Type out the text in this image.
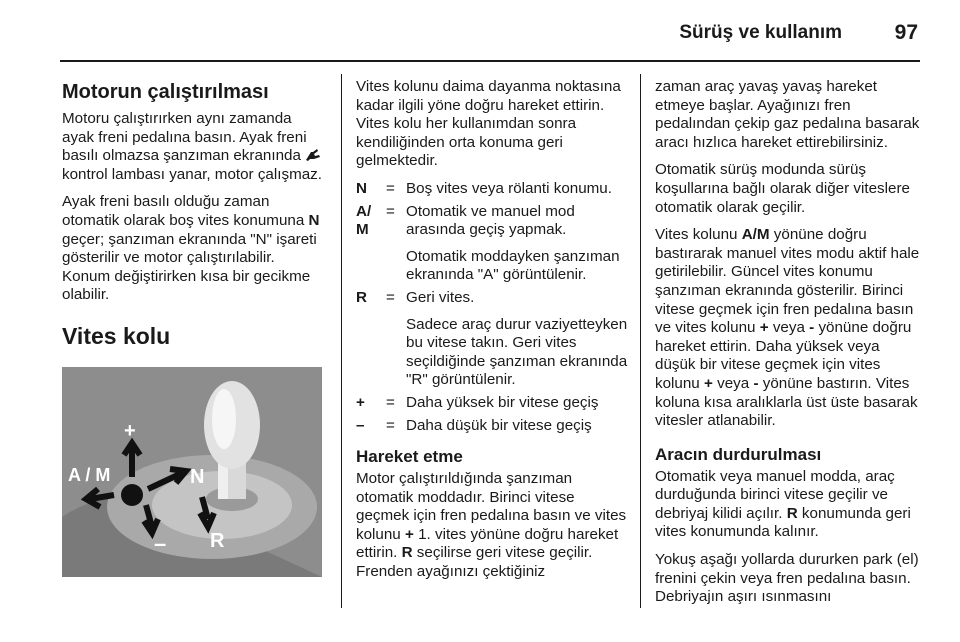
Sürüş ve kullanım	97
Motorun çalıştırılması

Motoru çalıştırırken aynı zamanda ayak freni pedalına basın. Ayak freni basılı olmazsa şanzıman ekranında  kontrol lambası yanar, motor çalışmaz.

Ayak freni basılı olduğu zaman otomatik olarak boş vites konumuna N geçer; şanzıman ekranında "N" işareti gösterilir ve motor çalıştırılabilir. Konum değiştirirken kısa bir gecikme olabilir.

Vites kolu
+
A / M	N
– R

Vites kolunu daima dayanma noktasına kadar ilgili yöne doğru hareket ettirin. Vites kolu her kullanımdan sonra kendiliğinden orta konuma geri gelmektedir.

N	= Boş vites veya rölanti konumu.
A/
M
= Otomatik ve manuel mod arasında geçiş yapmak.
Otomatik moddayken şanzıman ekranında "A" görüntülenir.
R	= Geri vites.
Sadece araç durur vaziyetteyken bu vitese takın. Geri vites seçildiğinde şanzıman ekranında "R" görüntülenir.
+	= Daha yüksek bir vitese geçiş
–	= Daha düşük bir vitese geçiş
Hareket etme

Motor çalıştırıldığında şanzıman otomatik moddadır. Birinci vitese geçmek için fren pedalına basın ve vites kolunu + 1. vites yönüne doğru hareket ettirin. R seçilirse geri vitese geçilir. Frenden ayağınızı çektiğiniz

zaman araç yavaş yavaş hareket etmeye başlar. Ayağınızı fren pedalından çekip gaz pedalına basarak aracı hızlıca hareket ettirebilirsiniz.

Otomatik sürüş modunda sürüş koşullarına bağlı olarak diğer viteslere otomatik olarak geçilir.

Vites kolunu A/M yönüne doğru bastırarak manuel vites modu aktif hale getirilebilir. Güncel vites konumu şanzıman ekranında gösterilir. Birinci vitese geçmek için fren pedalına basın ve vites kolunu + veya - yönüne doğru hareket ettirin. Daha yüksek veya düşük bir vitese geçmek için vites kolunu + veya - yönüne bastırın. Vites koluna kısa aralıklarla üst üste basarak vitesler atlanabilir.

Aracın durdurulması

Otomatik veya manuel modda, araç durduğunda birinci vitese geçilir ve debriyaj kilidi açılır. R konumunda geri vites konumunda kalınır.

Yokuş aşağı yollarda dururken park (el) frenini çekin veya fren pedalına basın. Debriyajın aşırı ısınmasını
